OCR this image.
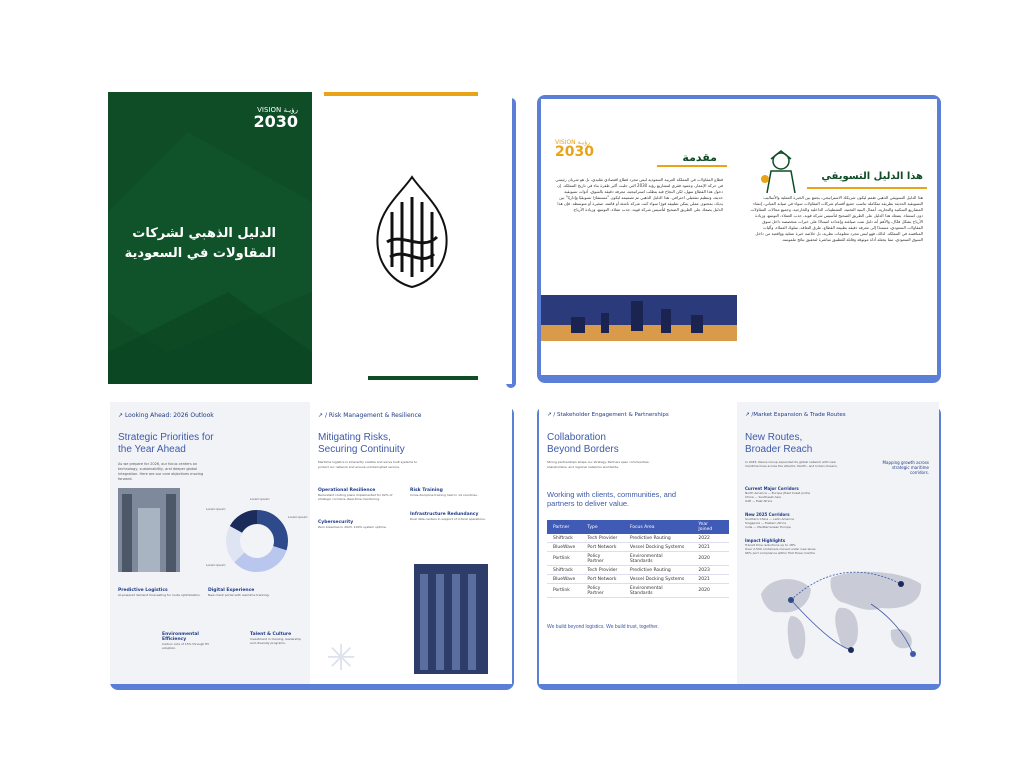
VISION رؤيـة
2030
الدليل الذهبي لشركات
المقاولات في السعودية
VISION رؤيـة
2030	مقدمة
قطاع المقاولات في المملكة العربية السعودية ليس مجرد قطاع اقتصادي تقليدي، بل هو شريان رئيسي في حركة الإعمار، وعمود فقري لمشاريع رؤية 2030 التي جلبت أكبر طفرة بناء في تاريخ المملكة. إن دخول هذا القطاع سهل، لكن النجاح فيه يتطلب استراتيجية، معرفة دقيقة بالسوق، أدوات تسويقية حديثة، وتنظيم تشغيلي احترافي. هذا الدليل الذهبي تم تصميمه ليكون "مستشارًا تسويقيًا وإداريًا" بين يديك، بمحتوى عملي يمكن تطبيقه فورًا سواء كنت شركة ناشئة أو قائمة، صغيرة أو متوسطة. فإن هذا الدليل يضعك على الطريق الصحيح لتأسيس شركة قوية، جذب عملاء، التوسع، وزيادة الأرباح.
هذا الدليل التسويقي
هذا الدليل التسويقي الذهبي صُمم ليكون شريكك الاستراتيجي، يجمع بين الخبرة العملية والأساليب التسويقية الحديثة بطريقة متكاملة تناسب جميع أقسام شركات المقاولات سواء في صيانة المباني، إنشاء المشاريع السكنية والتجارية، أعمال البنية التحتية، التشطيبات الداخلية والخارجية، وجميع مجالات المقاولات دون استثناء. يضعك هذا الدليل على الطريق الصحيح لتأسيس شركة قوية، جذب العملاء، التوسع، وزيادة الأرباح بشكل فعّال، والأهم أنه دليل تمت صياغته وإعداده استنادًا على خبرات متخصصة داخل سوق المقاولات السعودي، مستندًا إلى معرفة دقيقة بطبيعة القطاع، طرق التعاقد، سلوك العملاء، وآليات المنافسة في المملكة. لذلك، فهو ليس مجرد معلومات نظرية، بل خلاصة خبرة عملية وواقعية من داخل السوق السعودي، مما يجعله أداة موثوقة وقابلة للتطبيق مباشرة لتحقيق نتائج ملموسة.
↗ Looking Ahead: 2026 Outlook
Strategic Priorities for
the Year Ahead
As we prepare for 2026, our focus centers on technology, sustainability, and deeper global integration. Here are our core objectives moving forward.
Lorem ipsum
Lorem ipsum
Lorem ipsum
Lorem ipsum
Predictive Logistics
AI-powered demand forecasting for route optimization.
Digital Experience
New client portal with real-time tracking.
Environmental Efficiency
Carbon cuts of 15% through EV adoption.
Talent & Culture
Investment in training, leadership and diversity programs.
↗ / Risk Management & Resilience
Mitigating Risks,
Securing Continuity
Maritime logistics is inherently volatile and we've built systems to protect our network and ensure uninterrupted service.
Operational Resilience
Redundant routing plans implemented for 92% of strategic corridors. Real-time monitoring.
Risk Training
Cross-discipline training held in 14 countries.
Cybersecurity
Zero breaches in 2025. 100% system uptime.
Infrastructure Redundancy
Dual data centers in support of critical operations.
✳
↗ / Stakeholder Engagement & Partnerships
Collaboration
Beyond Borders
Strong partnerships shape our strategy. Partners span communities, shareholders, and regional networks worldwide.
Working with clients, communities, and
partners to deliver value.
Partner	Type	Focus Area	Year Joined
Shiftrack	Tech Provider	Predictive Routing	2022
BlueWave	Port Network	Vessel Docking Systems	2021
Portlink	Policy Partner	Environmental Standards	2020
Shiftrack	Tech Provider	Predictive Routing	2023
BlueWave	Port Network	Vessel Docking Systems	2021
Portlink	Policy Partner	Environmental Standards	2020
We build beyond logistics. We build trust, together.
↗ /Market Expansion & Trade Routes
New Routes,
Broader Reach
In 2025, Nexus Group expanded its global network with new maritime lines across the Atlantic, Pacific, and Indian Oceans.
Mapping growth across
strategic maritime
corridors.
Current Major Corridors
North America — Europe (East Coast ports)
China — Southeast Asia
UAE — East Africa
New 2025 Corridors
Southern China — Latin America
Singapore — Eastern Africa
India — Mediterranean Europe
Impact Highlights
Transit time reductions up to 18%
Over 2,500 containers moved under new lanes
96% port compliance within first three months
